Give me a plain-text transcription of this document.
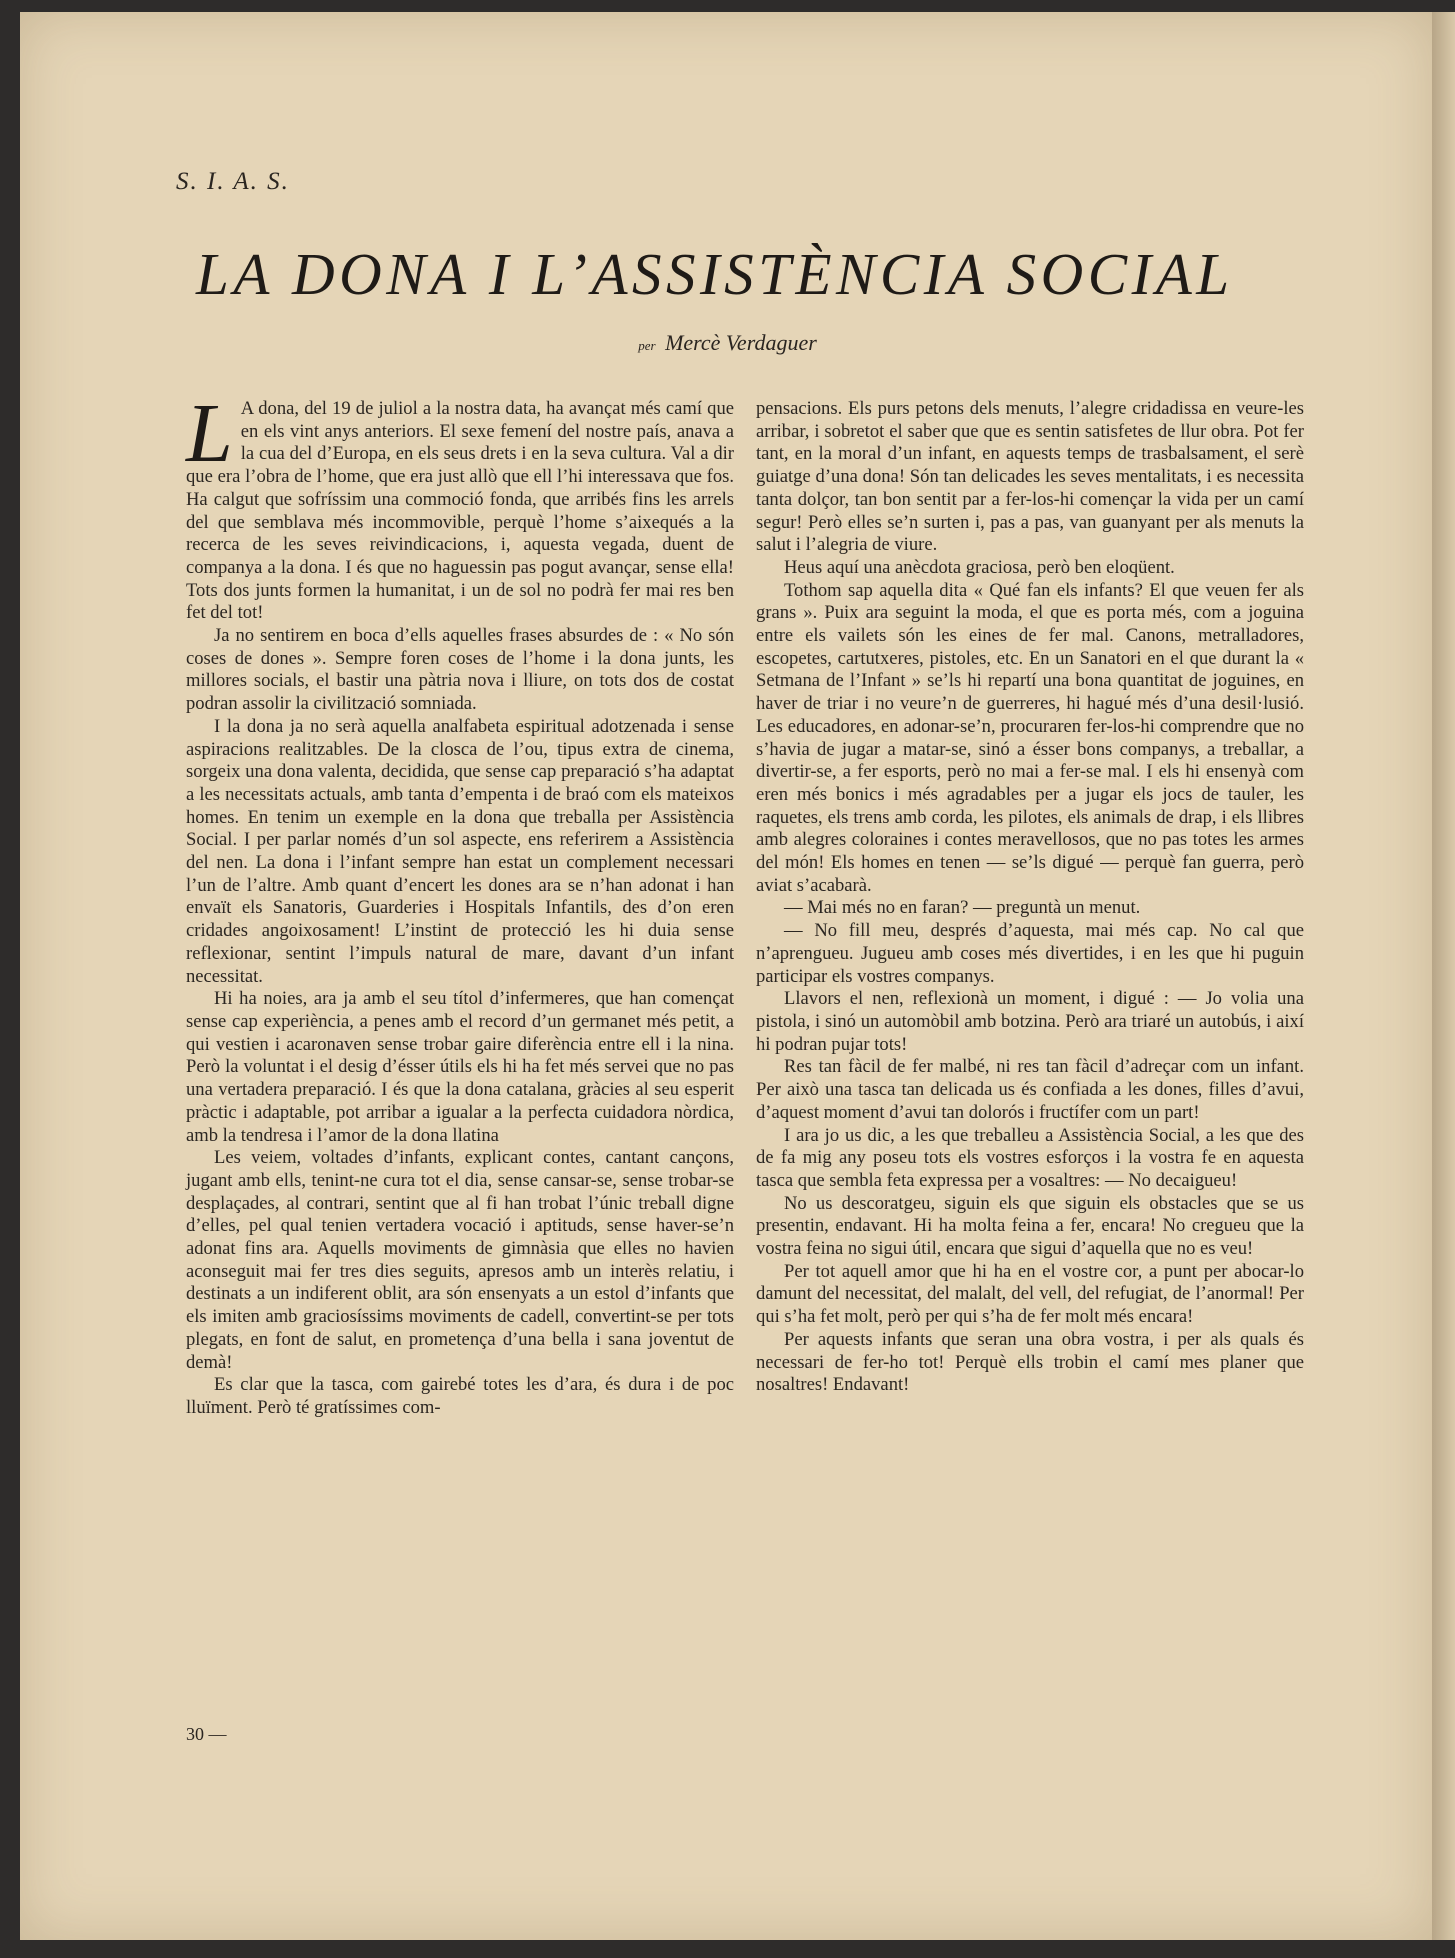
S. I. A. S.
LA DONA I L’ASSISTÈNCIA SOCIAL
per Mercè Verdaguer

L A dona, del 19 de juliol a la nostra data, ha avançat més camí que en els vint anys anteriors. El sexe femení del nostre país, anava a la cua del d’Europa, en els seus drets i en la seva cultura. Val a dir que era l’obra de l’home, que era just allò que ell l’hi interessava que fos. Ha calgut que sofríssim una commoció fonda, que arribés fins les arrels del que semblava més incommovible, perquè l’home s’aixequés a la recerca de les seves reivindicacions, i, aquesta vegada, duent de companya a la dona. I és que no haguessin pas pogut avançar, sense ella! Tots dos junts formen la humanitat, i un de sol no podrà fer mai res ben fet del tot!

Ja no sentirem en boca d’ells aquelles frases absurdes de : « No són coses de dones ». Sempre foren coses de l’home i la dona junts, les millores socials, el bastir una pàtria nova i lliure, on tots dos de costat podran assolir la civilització somniada.

I la dona ja no serà aquella analfabeta espiritual adotzenada i sense aspiracions realitzables. De la closca de l’ou, tipus extra de cinema, sorgeix una dona valenta, decidida, que sense cap preparació s’ha adaptat a les necessitats actuals, amb tanta d’empenta i de braó com els mateixos homes. En tenim un exemple en la dona que treballa per Assistència Social. I per parlar només d’un sol aspecte, ens referirem a Assistència del nen. La dona i l’infant sempre han estat un complement necessari l’un de l’altre. Amb quant d’encert les dones ara se n’han adonat i han envaït els Sanatoris, Guarderies i Hospitals Infantils, des d’on eren cridades angoixosament! L’instint de protecció les hi duia sense reflexionar, sentint l’impuls natural de mare, davant d’un infant necessitat.

Hi ha noies, ara ja amb el seu títol d’infermeres, que han començat sense cap experiència, a penes amb el record d’un germanet més petit, a qui vestien i acaronaven sense trobar gaire diferència entre ell i la nina. Però la voluntat i el desig d’ésser útils els hi ha fet més servei que no pas una vertadera preparació. I és que la dona catalana, gràcies al seu esperit pràctic i adaptable, pot arribar a igualar a la perfecta cuidadora nòrdica, amb la tendresa i l’amor de la dona llatina

Les veiem, voltades d’infants, explicant contes, cantant cançons, jugant amb ells, tenint-ne cura tot el dia, sense cansar-se, sense trobar-se desplaçades, al contrari, sentint que al fi han trobat l’únic treball digne d’elles, pel qual tenien vertadera vocació i aptituds, sense haver-se’n adonat fins ara. Aquells moviments de gimnàsia que elles no havien aconseguit mai fer tres dies seguits, apresos amb un interès relatiu, i destinats a un indiferent oblit, ara són ensenyats a un estol d’infants que els imiten amb graciosíssims moviments de cadell, convertint-se per tots plegats, en font de salut, en prometença d’una bella i sana joventut de demà!

Es clar que la tasca, com gairebé totes les d’ara, és dura i de poc lluïment. Però té gratíssimes com-

pensacions. Els purs petons dels menuts, l’alegre cridadissa en veure-les arribar, i sobretot el saber que que es sentin satisfetes de llur obra. Pot fer tant, en la moral d’un infant, en aquests temps de trasbalsament, el serè guiatge d’una dona! Són tan delicades les seves mentalitats, i es necessita tanta dolçor, tan bon sentit par a fer-los-hi començar la vida per un camí segur! Però elles se’n surten i, pas a pas, van guanyant per als menuts la salut i l’alegria de viure.

Heus aquí una anècdota graciosa, però ben eloqüent.

Tothom sap aquella dita « Qué fan els infants? El que veuen fer als grans ». Puix ara seguint la moda, el que es porta més, com a joguina entre els vailets són les eines de fer mal. Canons, metralladores, escopetes, cartutxeres, pistoles, etc. En un Sanatori en el que durant la « Setmana de l’Infant » se’ls hi repartí una bona quantitat de joguines, en haver de triar i no veure’n de guerreres, hi hagué més d’una desil·lusió. Les educadores, en adonar-se’n, procuraren fer-los-hi comprendre que no s’havia de jugar a matar-se, sinó a ésser bons companys, a treballar, a divertir-se, a fer esports, però no mai a fer-se mal. I els hi ensenyà com eren més bonics i més agradables per a jugar els jocs de tauler, les raquetes, els trens amb corda, les pilotes, els animals de drap, i els llibres amb alegres coloraines i contes meravellosos, que no pas totes les armes del món! Els homes en tenen — se’ls digué — perquè fan guerra, però aviat s’acabarà.

— Mai més no en faran? — preguntà un menut.

— No fill meu, després d’aquesta, mai més cap. No cal que n’aprengueu. Jugueu amb coses més divertides, i en les que hi puguin participar els vostres companys.

Llavors el nen, reflexionà un moment, i digué : — Jo volia una pistola, i sinó un automòbil amb botzina. Però ara triaré un autobús, i així hi podran pujar tots!

Res tan fàcil de fer malbé, ni res tan fàcil d’adreçar com un infant. Per això una tasca tan delicada us és confiada a les dones, filles d’avui, d’aquest moment d’avui tan dolorós i fructífer com un part!

I ara jo us dic, a les que treballeu a Assistència Social, a les que des de fa mig any poseu tots els vostres esforços i la vostra fe en aquesta tasca que sembla feta expressa per a vosaltres: — No decaigueu!

No us descoratgeu, siguin els que siguin els obstacles que se us presentin, endavant. Hi ha molta feina a fer, encara! No cregueu que la vostra feina no sigui útil, encara que sigui d’aquella que no es veu!

Per tot aquell amor que hi ha en el vostre cor, a punt per abocar-lo damunt del necessitat, del malalt, del vell, del refugiat, de l’anormal! Per qui s’ha fet molt, però per qui s’ha de fer molt més encara!

Per aquests infants que seran una obra vostra, i per als quals és necessari de fer-ho tot! Perquè ells trobin el camí mes planer que nosaltres! Endavant!

30 —
